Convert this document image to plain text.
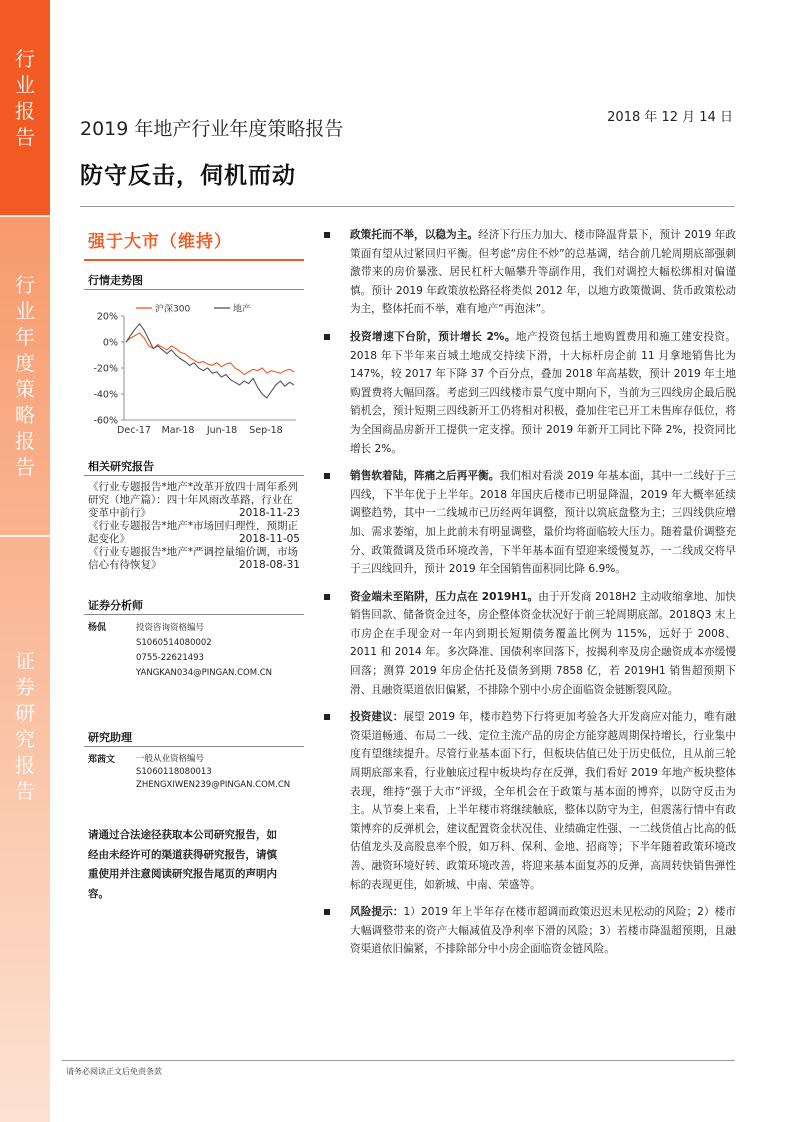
行业报告
行业年度策略报告
证券研究报告
2019 年地产行业年度策略报告
2018 年 12 月 14 日
防守反击，伺机而动
强于大市（维持）
行情走势图
沪深300	地产
20%
0%
-20%
-40%
-60%
Dec-17 Mar-18 Jun-18 Sep-18
相关研究报告
《行业专题报告*地产*改革开放四十周年系列研究（地产篇）：四十年风雨改革路，行业在变革中前行》	2018-11-23
《行业专题报告*地产*市场回归理性，预期正起变化》	2018-11-05
《行业专题报告*地产*严调控量缩价调，市场信心有待恢复》	2018-08-31
证券分析师
杨侃	投资咨询资格编号
S1060514080002
0755-22621493
YANGKAN034@PINGAN.COM.CN
研究助理
郑茜文 一般从业资格编号
S1060118080013
ZHENGXIWEN239@PINGAN.COM.CN
请通过合法途径获取本公司研究报告，如经由未经许可的渠道获得研究报告，请慎重使用并注意阅读研究报告尾页的声明内容。
政策托而不举，以稳为主。经济下行压力加大、楼市降温背景下，预计 2019 年政策面有望从过紧回归平衡。但考虑“房住不炒”的总基调，结合前几轮周期底部强刺激带来的房价暴涨、居民杠杆大幅攀升等副作用，我们对调控大幅松绑相对偏谨慎。预计 2019 年政策放松路径将类似 2012 年，以地方政策微调、货币政策松动为主，整体托而不举，难有地产“再泡沫”。
投资增速下台阶，预计增长 2%。地产投资包括土地购置费用和施工建安投资。2018 年下半年来百城土地成交持续下滑，十大标杆房企前 11 月拿地销售比为 147%，较 2017 年下降 37 个百分点，叠加 2018 年高基数，预计 2019 年土地购置费将大幅回落。考虑到三四线楼市景气度中期向下，当前为三四线房企最后脱销机会，预计短期三四线新开工仍将相对积极，叠加住宅已开工未售库存低位，将为全国商品房新开工提供一定支撑。预计 2019 年新开工同比下降 2%，投资同比增长 2%。
销售软着陆，阵痛之后再平衡。我们相对看淡 2019 年基本面，其中一二线好于三四线，下半年优于上半年。2018 年国庆后楼市已明显降温，2019 年大概率延续调整趋势，其中一二线城市已历经两年调整，预计以筑底盘整为主；三四线供应增加、需求萎缩，加上此前未有明显调整，量价均将面临较大压力。随着量价调整充分、政策微调及货币环境改善，下半年基本面有望迎来缓慢复苏，一二线成交将早于三四线回升，预计 2019 年全国销售面积同比降 6.9%。
资金端未至陷阱，压力点在 2019H1。由于开发商 2018H2 主动收缩拿地、加快销售回款、储备资金过冬，房企整体资金状况好于前三轮周期底部。2018Q3 末上市房企在手现金对一年内到期长短期债务覆盖比例为 115%，远好于 2008、2011 和 2014 年。多次降准、国债利率回落下，按揭利率及房企融资成本亦缓慢回落；测算 2019 年房企估托及债务到期 7858 亿，若 2019H1 销售超预期下滑、且融资渠道依旧偏紧，不排除个别中小房企面临资金链断裂风险。
投资建议：展望 2019 年，楼市趋势下行将更加考验各大开发商应对能力，唯有融资渠道畅通、布局二一线、定位主流产品的房企方能穿越周期保持增长，行业集中度有望继续提升。尽管行业基本面下行，但板块估值已处于历史低位，且从前三轮周期底部来看，行业触底过程中板块均存在反弹，我们看好 2019 年地产板块整体表现，维持“强于大市”评级，全年机会在于政策与基本面的博弈，以防守反击为主。从节奏上来看，上半年楼市将继续触底，整体以防守为主，但震荡行情中有政策博弈的反弹机会，建议配置资金状况佳、业绩确定性强、一二线货值占比高的低估值龙头及高股息率个股，如万科、保利、金地、招商等；下半年随着政策环境改善、融资环境好转、政策环境改善，将迎来基本面复苏的反弹，高周转快销售弹性标的表现更佳，如新城、中南、荣盛等。
风险提示：1）2019 年上半年存在楼市超调而政策迟迟未见松动的风险；2）楼市大幅调整带来的资产大幅减值及净利率下滑的风险；3）若楼市降温超预期，且融资渠道依旧偏紧，不排除部分中小房企面临资金链风险。
请务必阅读正文后免责条款
